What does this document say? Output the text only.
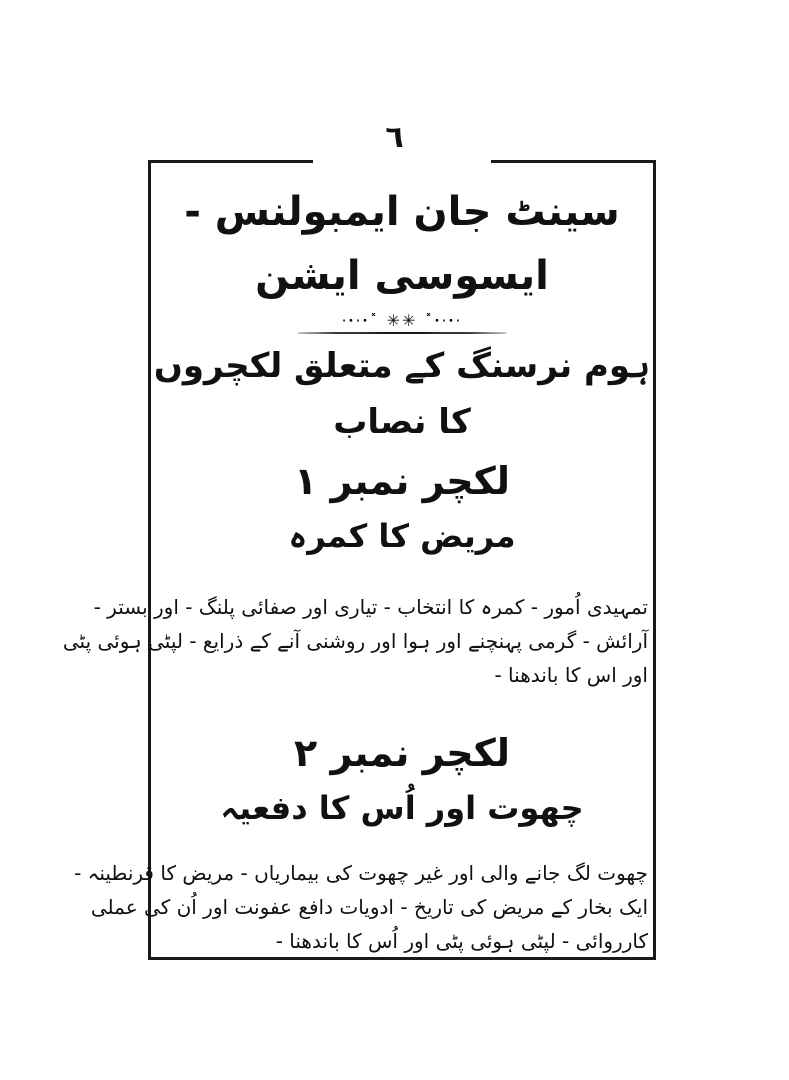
٦
سینٹ جان ایمبولنس - ایسوسی ایشن
·ꞏ·ꞏ˟ ✳✳ ˟ꞏ·ꞏ·
ہوم نرسنگ کے متعلق لکچروں کا نصاب
لکچر نمبر ۱
مریض کا کمرہ

تمہیدی اُمور - کمرہ کا انتخاب - تیاری اور صفائی پلنگ - اور بستر -
آرائش - گرمی پہنچنے اور ہوا اور روشنی آنے کے ذرایع - لپٹی ہوئی پٹی
اور اس کا باندھنا -

لکچر نمبر ۲
چھوت اور اُس کا دفعیہ

چھوت لگ جانے والی اور غیر چھوت کی بیماریاں - مریض کا قرنطینہ -
ایک بخار کے مریض کی تاریخ - ادویات دافع عفونت اور اُن کی عملی
کارروائی - لپٹی ہوئی پٹی اور اُس کا باندھنا -
